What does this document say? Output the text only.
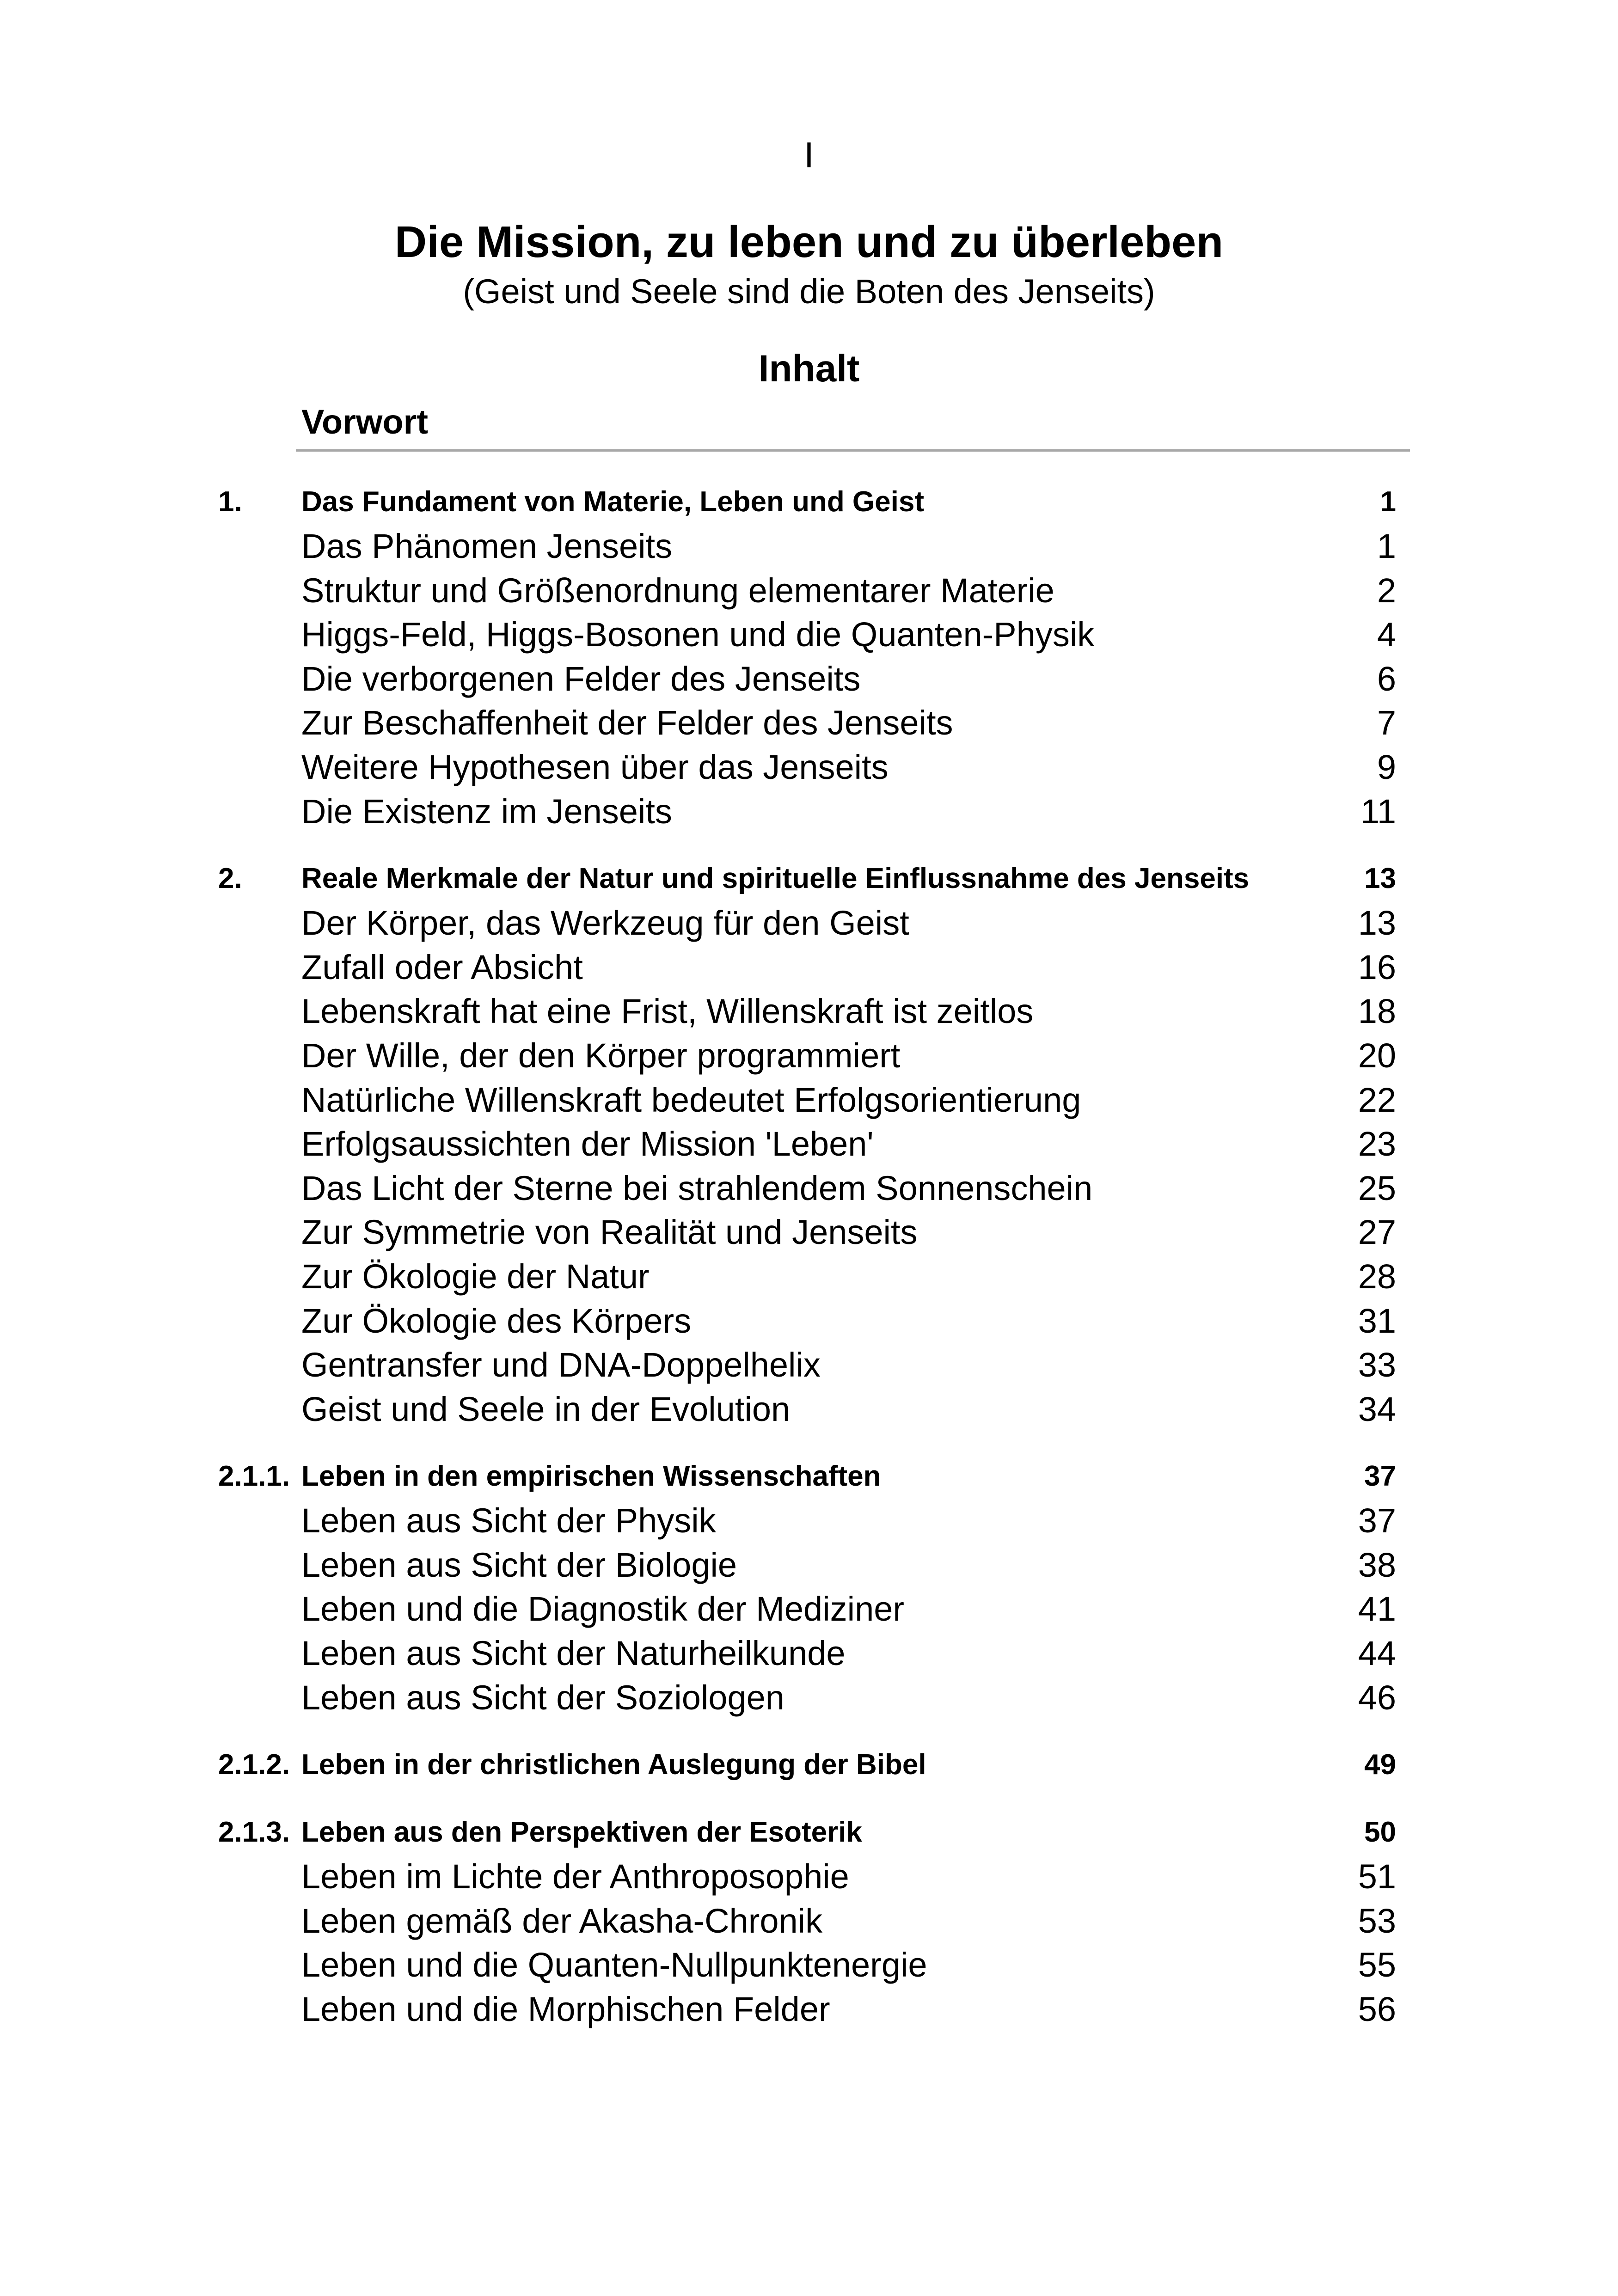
I
Die Mission, zu leben und zu überleben
(Geist und Seele sind die Boten des Jenseits)
Inhalt
Vorwort
1. Das Fundament von Materie, Leben und Geist	1
Das Phänomen Jenseits	1
Struktur und Größenordnung elementarer Materie	2
Higgs-Feld, Higgs-Bosonen und die Quanten-Physik	4
Die verborgenen Felder des Jenseits	6
Zur Beschaffenheit der Felder des Jenseits	7
Weitere Hypothesen über das Jenseits	9
Die Existenz im Jenseits	11
2. Reale Merkmale der Natur und spirituelle Einflussnahme des Jenseits	13
Der Körper, das Werkzeug für den Geist	13
Zufall oder Absicht	16
Lebenskraft hat eine Frist, Willenskraft ist zeitlos	18
Der Wille, der den Körper programmiert	20
Natürliche Willenskraft bedeutet Erfolgsorientierung	22
Erfolgsaussichten der Mission 'Leben'	23
Das Licht der Sterne bei strahlendem Sonnenschein	25
Zur Symmetrie von Realität und Jenseits	27
Zur Ökologie der Natur	28
Zur Ökologie des Körpers	31
Gentransfer und DNA-Doppelhelix	33
Geist und Seele in der Evolution	34
2.1.1. Leben in den empirischen Wissenschaften	37
Leben aus Sicht der Physik	37
Leben aus Sicht der Biologie	38
Leben und die Diagnostik der Mediziner	41
Leben aus Sicht der Naturheilkunde	44
Leben aus Sicht der Soziologen	46
2.1.2. Leben in der christlichen Auslegung der Bibel	49
2.1.3. Leben aus den Perspektiven der Esoterik	50
Leben im Lichte der Anthroposophie	51
Leben gemäß der Akasha-Chronik	53
Leben und die Quanten-Nullpunktenergie	55
Leben und die Morphischen Felder	56
